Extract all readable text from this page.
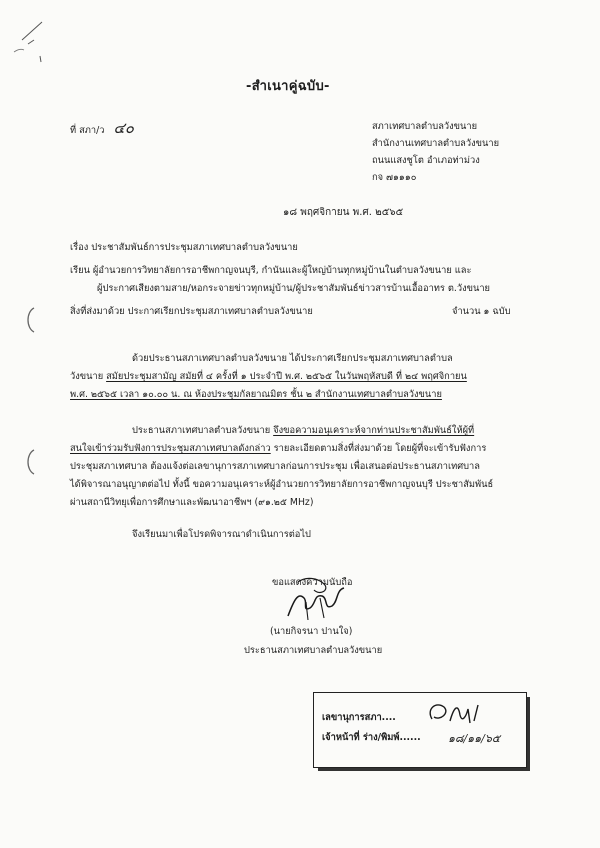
-สำเนาคู่ฉบับ-
ที่ สภา/ว ๔๐	สภาเทศบาลตำบลวังขนาย
สำนักงานเทศบาลตำบลวังขนาย
ถนนแสงชูโต อำเภอท่าม่วง
กจ ๗๑๑๑๐
๑๘ พฤศจิกายน พ.ศ. ๒๕๖๕
เรื่อง ประชาสัมพันธ์การประชุมสภาเทศบาลตำบลวังขนาย
เรียน ผู้อำนวยการวิทยาลัยการอาชีพกาญจนบุรี, กำนันและผู้ใหญ่บ้านทุกหมู่บ้านในตำบลวังขนาย และ
ผู้ประกาศเสียงตามสาย/หอกระจายข่าวทุกหมู่บ้าน/ผู้ประชาสัมพันธ์ข่าวสารบ้านเอื้ออาทร ต.วังขนาย
สิ่งที่ส่งมาด้วย ประกาศเรียกประชุมสภาเทศบาลตำบลวังขนาย	จำนวน ๑ ฉบับ
ด้วยประธานสภาเทศบาลตำบลวังขนาย ได้ประกาศเรียกประชุมสภาเทศบาลตำบล
วังขนาย สมัยประชุมสามัญ สมัยที่ ๔ ครั้งที่ ๑ ประจำปี พ.ศ. ๒๕๖๕ ในวันพฤหัสบดี ที่ ๒๔ พฤศจิกายน
พ.ศ. ๒๕๖๕ เวลา ๑๐.๐๐ น. ณ ห้องประชุมกัลยาณมิตร ชั้น ๒ สำนักงานเทศบาลตำบลวังขนาย
ประธานสภาเทศบาลตำบลวังขนาย จึงขอความอนุเคราะห์จากท่านประชาสัมพันธ์ให้ผู้ที่
สนใจเข้าร่วมรับฟังการประชุมสภาเทศบาลดังกล่าว รายละเอียดตามสิ่งที่ส่งมาด้วย โดยผู้ที่จะเข้ารับฟังการ
ประชุมสภาเทศบาล ต้องแจ้งต่อเลขานุการสภาเทศบาลก่อนการประชุม เพื่อเสนอต่อประธานสภาเทศบาล
ได้พิจารณาอนุญาตต่อไป ทั้งนี้ ขอความอนุเคราะห์ผู้อำนวยการวิทยาลัยการอาชีพกาญจนบุรี ประชาสัมพันธ์
ผ่านสถานีวิทยุเพื่อการศึกษาและพัฒนาอาชีพฯ (๙๑.๒๕ MHz)
จึงเรียนมาเพื่อโปรดพิจารณาดำเนินการต่อไป
ขอแสดงความนับถือ
(นายกิจรนา ปานใจ)
ประธานสภาเทศบาลตำบลวังขนาย
เลขานุการสภา....
เจ้าหน้าที่ ร่าง/พิมพ์...... ๑๘/๑๑/๖๕
